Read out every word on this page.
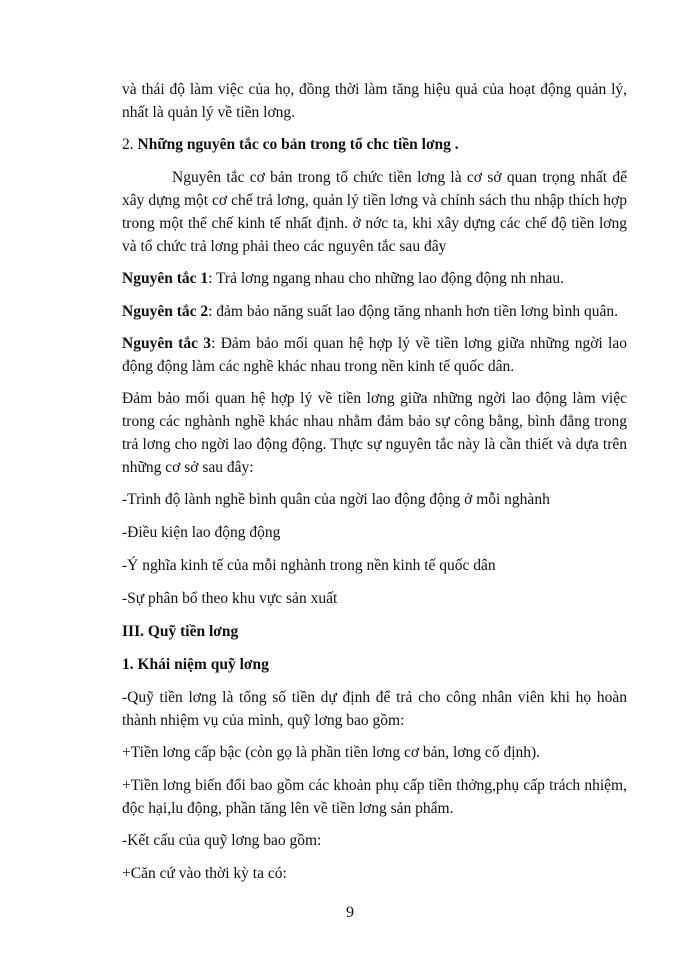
và thái độ làm việc của họ, đồng thời làm tăng hiệu quả của hoạt động quản lý, nhất là quản lý về tiền lơng.

2. Những nguyên tắc co bản trong tổ chc tiền lơng .

Nguyên tắc cơ bản trong tổ chức tiền lơng là cơ sở quan trọng nhất để xây dựng một cơ chế trả lơng, quản lý tiền lơng và chính sách thu nhập thích hợp trong một thể chế kinh tế nhất định. ở nớc ta, khi xây dựng các chế độ tiền lơng và tổ chức trả lơng phải theo các nguyên tắc sau đây

Nguyên tắc 1: Trả lơng ngang nhau cho những lao động động nh nhau.

Nguyên tắc 2: đảm bảo năng suất lao động tăng nhanh hơn tiền lơng bình quân.

Nguyên tắc 3: Đảm bảo mối quan hệ hợp lý về tiền lơng giữa những ngời lao động động làm các nghề khác nhau trong nền kinh tế quốc dân.

Đảm bảo mối quan hệ hợp lý về tiền lơng giữa những ngời lao động làm việc trong các nghành nghề khác nhau nhằm đảm bảo sự công bằng, bình đẳng trong trả lơng cho ngời lao động động. Thực sự nguyên tắc này là cần thiết và dựa trên những cơ sở sau đây:

-Trình độ lành nghề bình quân của ngời lao động động ở mỗi nghành

-Điều kiện lao động động

-Ý nghĩa kinh tế của mỗi nghành trong nền kinh tế quốc dân

-Sự phân bổ theo khu vực sản xuất

III. Quỹ tiền lơng
1. Khái niệm quỹ lơng

-Quỹ tiền lơng là tổng số tiền dự định để trả cho công nhân viên khi họ hoàn thành nhiệm vụ của mình, quỹ lơng bao gồm:

+Tiền lơng cấp bậc (còn gọ là phần tiền lơng cơ bản, lơng cố định).

+Tiền lơng biến đổi bao gồm các khoản phụ cấp tiền thởng,phụ cấp trách nhiệm, độc hại,lu động, phần tăng lên về tiền lơng sản phẩm.

-Kết cấu của quỹ lơng bao gồm:

+Căn cứ vào thời kỳ ta có:

9
